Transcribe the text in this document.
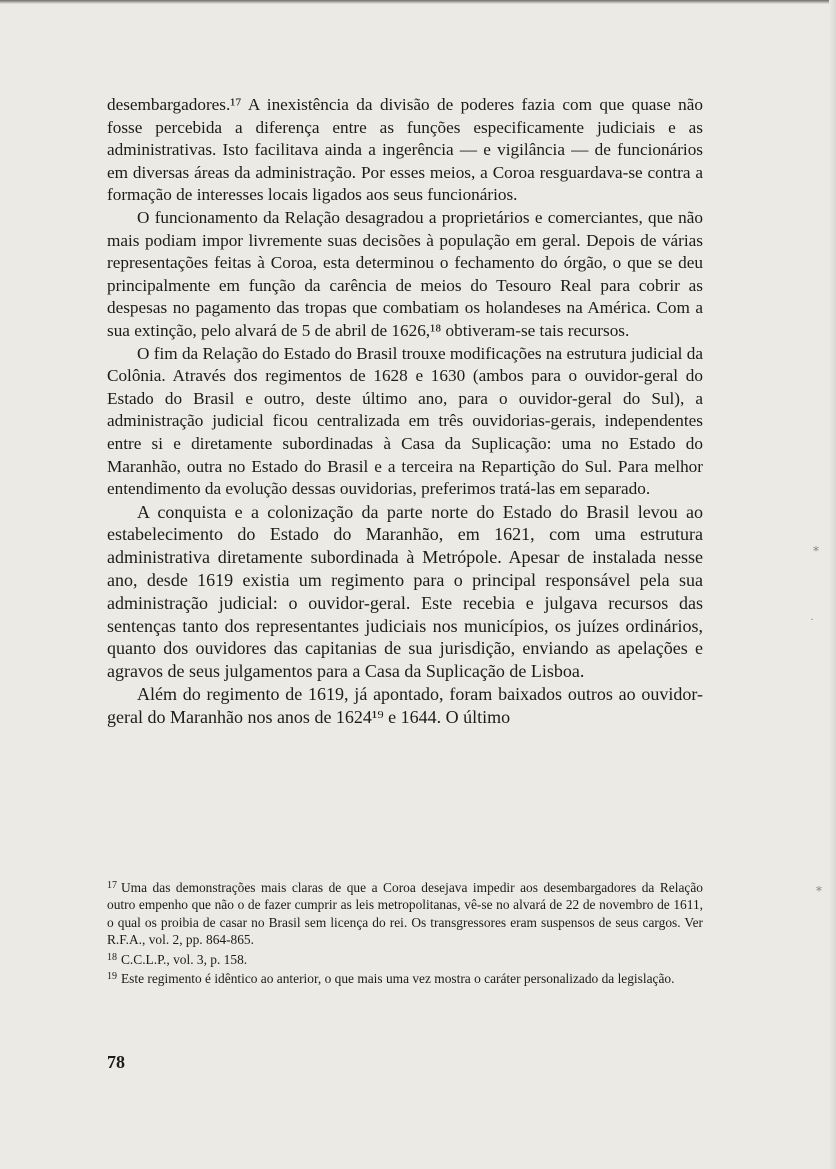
desembargadores.¹⁷ A inexistência da divisão de poderes fazia com que quase não fosse percebida a diferença entre as funções especificamente judiciais e as administrativas. Isto facilitava ainda a ingerência — e vigilância — de funcionários em diversas áreas da administração. Por esses meios, a Coroa resguardava-se contra a formação de interesses locais ligados aos seus funcionários.

O funcionamento da Relação desagradou a proprietários e comerciantes, que não mais podiam impor livremente suas decisões à população em geral. Depois de várias representações feitas à Coroa, esta determinou o fechamento do órgão, o que se deu principalmente em função da carência de meios do Tesouro Real para cobrir as despesas no pagamento das tropas que combatiam os holandeses na América. Com a sua extinção, pelo alvará de 5 de abril de 1626,¹⁸ obtiveram-se tais recursos.

O fim da Relação do Estado do Brasil trouxe modificações na estrutura judicial da Colônia. Através dos regimentos de 1628 e 1630 (ambos para o ouvidor-geral do Estado do Brasil e outro, deste último ano, para o ouvidor-geral do Sul), a administração judicial ficou centralizada em três ouvidorias-gerais, independentes entre si e diretamente subordinadas à Casa da Suplicação: uma no Estado do Maranhão, outra no Estado do Brasil e a terceira na Repartição do Sul. Para melhor entendimento da evolução dessas ouvidorias, preferimos tratá-las em separado.

A conquista e a colonização da parte norte do Estado do Brasil levou ao estabelecimento do Estado do Maranhão, em 1621, com uma estrutura administrativa diretamente subordinada à Metrópole. Apesar de instalada nesse ano, desde 1619 existia um regimento para o principal responsável pela sua administração judicial: o ouvidor-geral. Este recebia e julgava recursos das sentenças tanto dos representantes judiciais nos municípios, os juízes ordinários, quanto dos ouvidores das capitanias de sua jurisdição, enviando as apelações e agravos de seus julgamentos para a Casa da Suplicação de Lisboa.

Além do regimento de 1619, já apontado, foram baixados outros ao ouvidor-geral do Maranhão nos anos de 1624¹⁹ e 1644. O último

$^{17}$ Uma das demonstrações mais claras de que a Coroa desejava impedir aos desembargadores da Relação outro empenho que não o de fazer cumprir as leis metropolitanas, vê-se no alvará de 22 de novembro de 1611, o qual os proibia de casar no Brasil sem licença do rei. Os transgressores eram suspensos de seus cargos. Ver R.F.A., vol. 2, pp. 864-865.

$^{18}$ C.C.L.P., vol. 3, p. 158.

$^{19}$ Este regimento é idêntico ao anterior, o que mais uma vez mostra o caráter personalizado da legislação.

78
⁎
·
⁎
